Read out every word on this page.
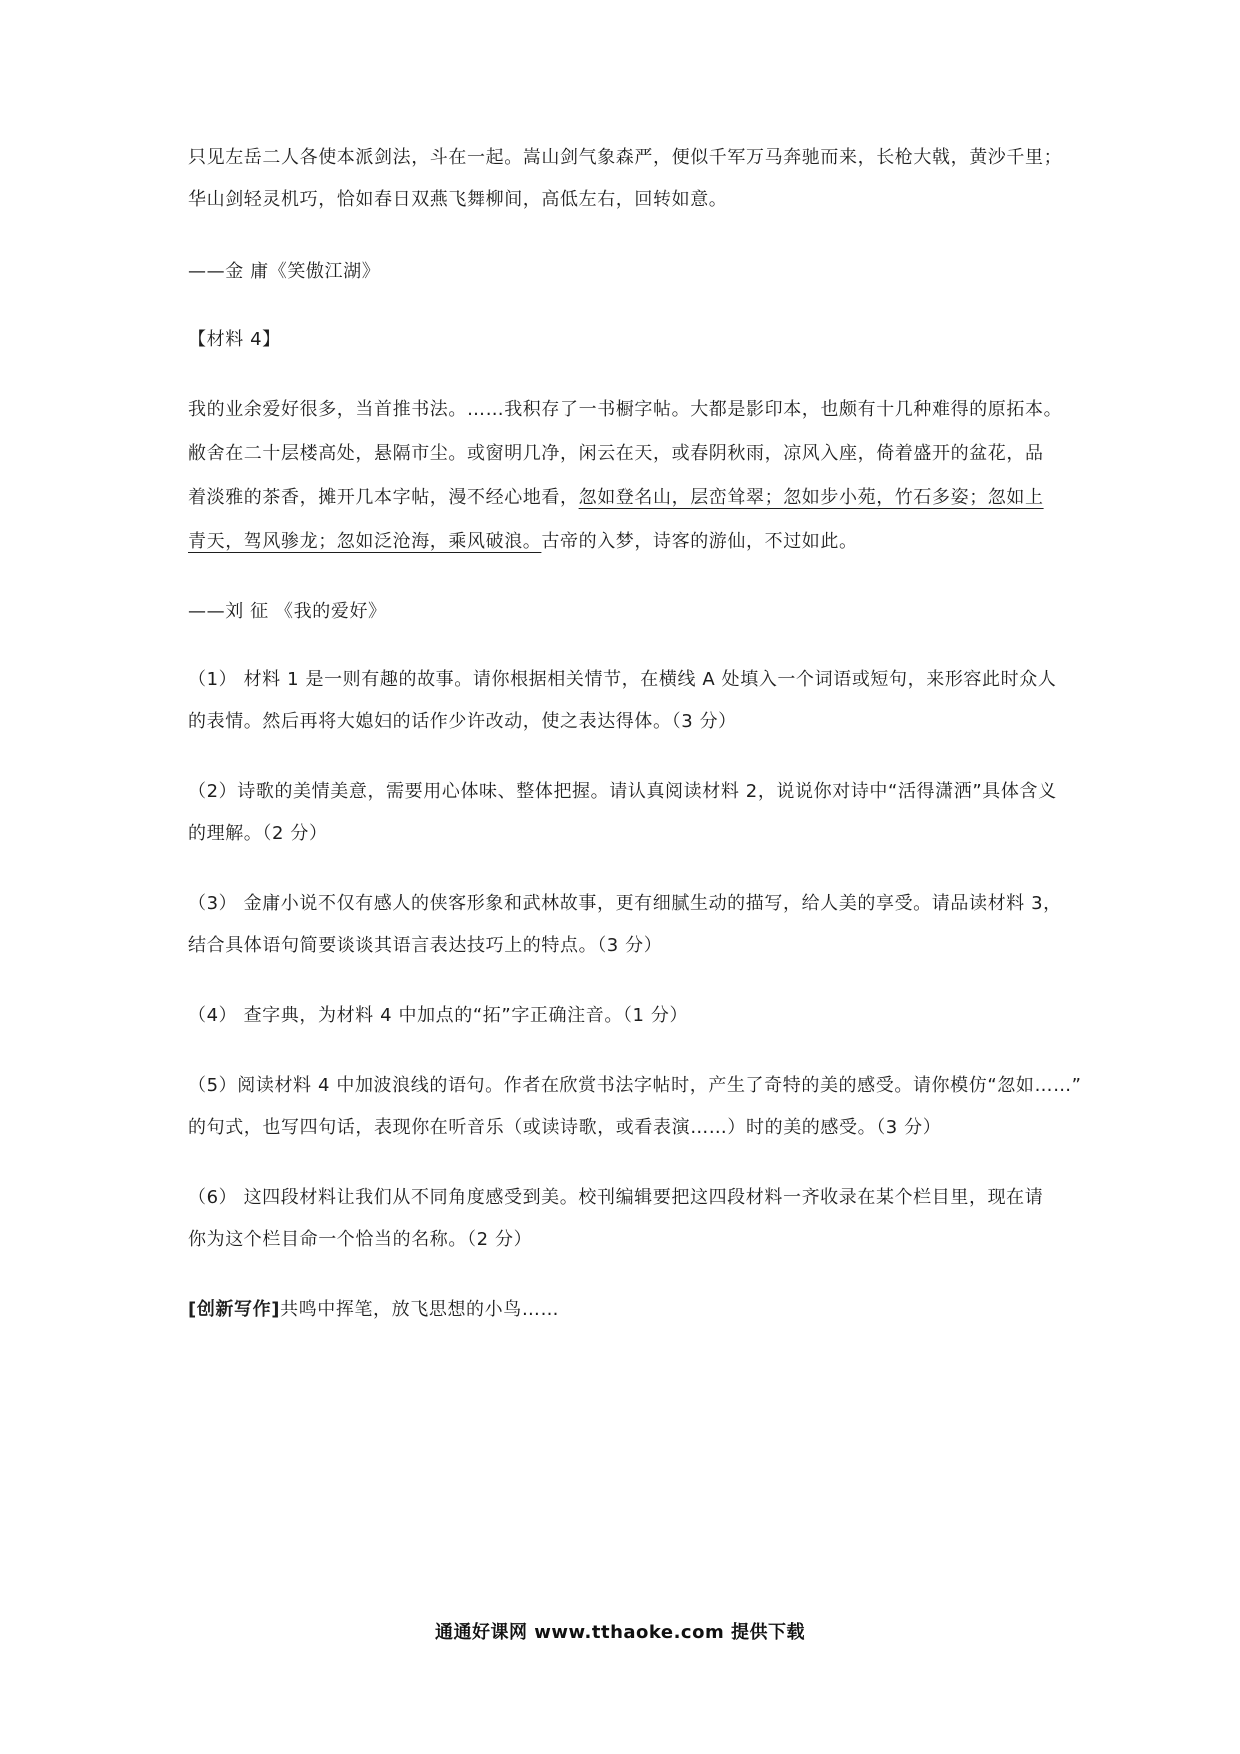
只见左岳二人各使本派剑法，斗在一起。嵩山剑气象森严，便似千军万马奔驰而来，长枪大戟，黄沙千里；

华山剑轻灵机巧，恰如春日双燕飞舞柳间，高低左右，回转如意。

——金 庸《笑傲江湖》

【材料 4】

我的业余爱好很多，当首推书法。……我积存了一书橱字帖。大都是影印本，也颇有十几种难得的原拓本。

敝舍在二十层楼高处，悬隔市尘。或窗明几净，闲云在天，或春阴秋雨，凉风入座，倚着盛开的盆花，品

着淡雅的茶香，摊开几本字帖，漫不经心地看，忽如登名山，层峦耸翠；忽如步小苑，竹石多姿；忽如上

青天，驾风骖龙；忽如泛沧海，乘风破浪。古帝的入梦，诗客的游仙，不过如此。

——刘 征 《我的爱好》

（1） 材料 1 是一则有趣的故事。请你根据相关情节，在横线 A 处填入一个词语或短句，来形容此时众人

的表情。然后再将大媳妇的话作少许改动，使之表达得体。（3 分）

（2）诗歌的美情美意，需要用心体味、整体把握。请认真阅读材料 2，说说你对诗中“活得潇洒”具体含义

的理解。（2 分）

（3） 金庸小说不仅有感人的侠客形象和武林故事，更有细腻生动的描写，给人美的享受。请品读材料 3，

结合具体语句简要谈谈其语言表达技巧上的特点。（3 分）

（4） 查字典，为材料 4 中加点的“拓”字正确注音。（1 分）

（5）阅读材料 4 中加波浪线的语句。作者在欣赏书法字帖时，产生了奇特的美的感受。请你模仿“忽如……”

的句式，也写四句话，表现你在听音乐（或读诗歌，或看表演……）时的美的感受。（3 分）

（6） 这四段材料让我们从不同角度感受到美。校刊编辑要把这四段材料一齐收录在某个栏目里，现在请

你为这个栏目命一个恰当的名称。（2 分）

[创新写作]共鸣中挥笔，放飞思想的小鸟……

通通好课网 www.tthaoke.com 提供下载
